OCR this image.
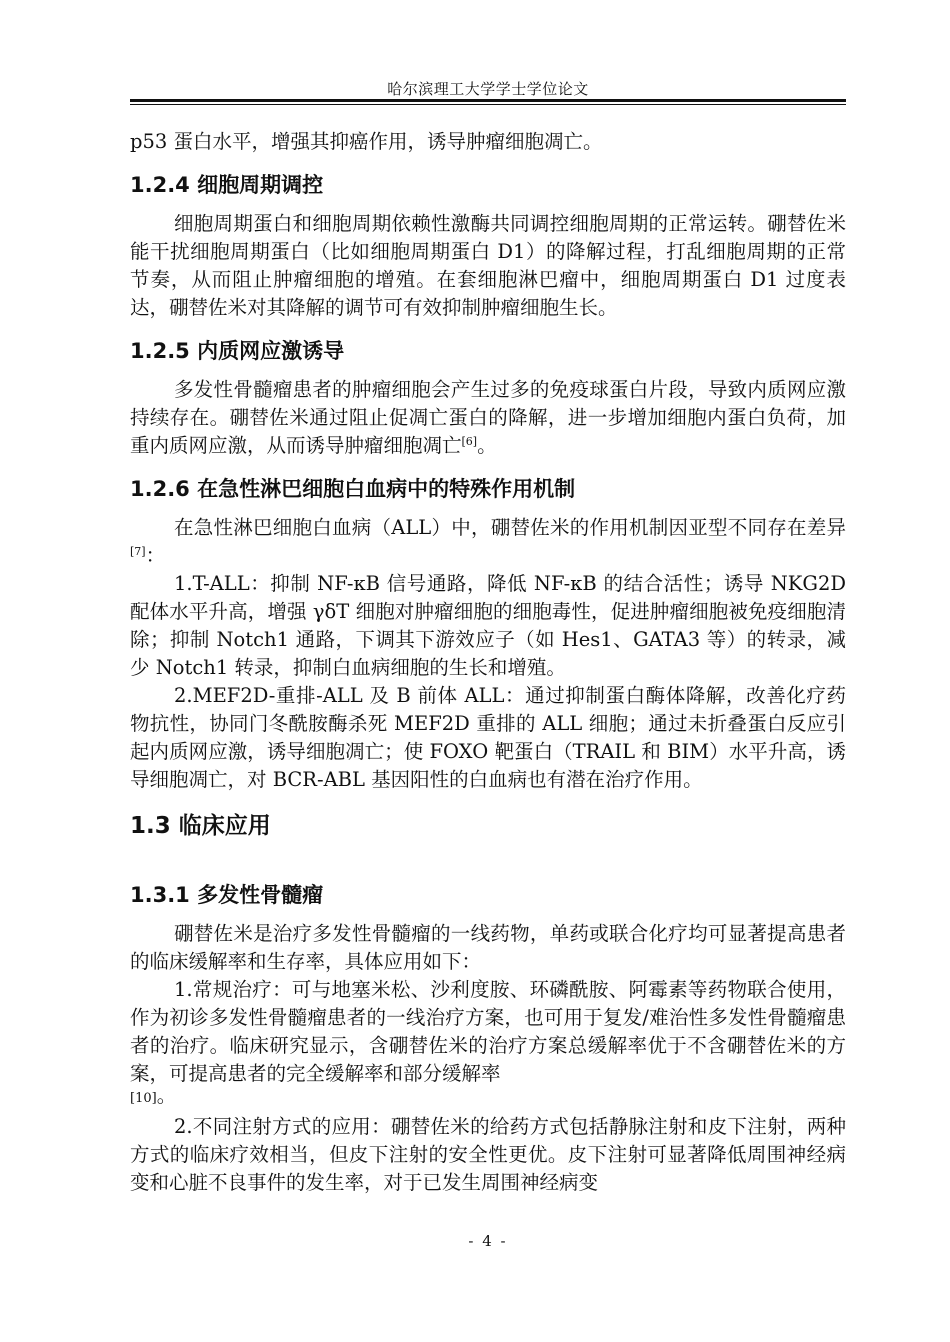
哈尔滨理工大学学士学位论文

p53 蛋白水平，增强其抑癌作用，诱导肿瘤细胞凋亡。

1.2.4 细胞周期调控

细胞周期蛋白和细胞周期依赖性激酶共同调控细胞周期的正常运转。硼替佐米能干扰细胞周期蛋白（比如细胞周期蛋白 D1）的降解过程，打乱细胞周期的正常节奏，从而阻止肿瘤细胞的增殖。在套细胞淋巴瘤中，细胞周期蛋白 D1 过度表达，硼替佐米对其降解的调节可有效抑制肿瘤细胞生长。

1.2.5 内质网应激诱导

多发性骨髓瘤患者的肿瘤细胞会产生过多的免疫球蛋白片段，导致内质网应激持续存在。硼替佐米通过阻止促凋亡蛋白的降解，进一步增加细胞内蛋白负荷，加重内质网应激，从而诱导肿瘤细胞凋亡[6]。

1.2.6 在急性淋巴细胞白血病中的特殊作用机制

在急性淋巴细胞白血病（ALL）中，硼替佐米的作用机制因亚型不同存在差异[7]：

1.T-ALL：抑制 NF-κB 信号通路，降低 NF-κB 的结合活性；诱导 NKG2D 配体水平升高，增强 γδT 细胞对肿瘤细胞的细胞毒性，促进肿瘤细胞被免疫细胞清除；抑制 Notch1 通路，下调其下游效应子（如 Hes1、GATA3 等）的转录，减少 Notch1 转录，抑制白血病细胞的生长和增殖。

2.MEF2D-重排-ALL 及 B 前体 ALL：通过抑制蛋白酶体降解，改善化疗药物抗性，协同门冬酰胺酶杀死 MEF2D 重排的 ALL 细胞；通过未折叠蛋白反应引起内质网应激，诱导细胞凋亡；使 FOXO 靶蛋白（TRAIL 和 BIM）水平升高，诱导细胞凋亡，对 BCR-ABL 基因阳性的白血病也有潜在治疗作用。

1.3 临床应用
1.3.1 多发性骨髓瘤

硼替佐米是治疗多发性骨髓瘤的一线药物，单药或联合化疗均可显著提高患者的临床缓解率和生存率，具体应用如下：

1.常规治疗：可与地塞米松、沙利度胺、环磷酰胺、阿霉素等药物联合使用，作为初诊多发性骨髓瘤患者的一线治疗方案，也可用于复发/难治性多发性骨髓瘤患者的治疗。临床研究显示，含硼替佐米的治疗方案总缓解率优于不含硼替佐米的方案，可提高患者的完全缓解率和部分缓解率

[10]。

2.不同注射方式的应用：硼替佐米的给药方式包括静脉注射和皮下注射，两种方式的临床疗效相当，但皮下注射的安全性更优。皮下注射可显著降低周围神经病变和心脏不良事件的发生率，对于已发生周围神经病变

- 4 -
